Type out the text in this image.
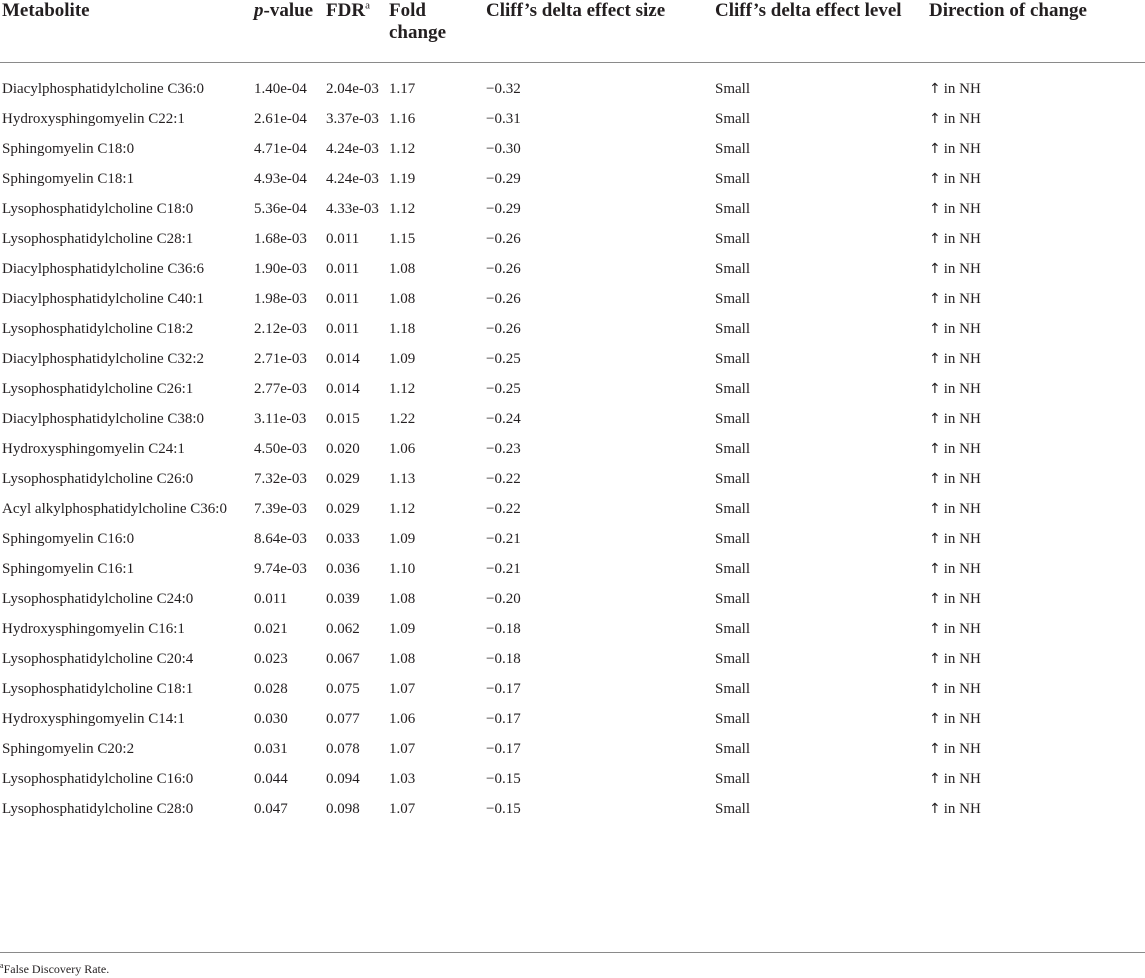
Metabolite	p-value	FDR$^a$	Fold change	Cliff’s delta effect size	Cliff’s delta effect level	Direction of change
Diacylphosphatidylcholine C36:0	1.40e-04	2.04e-03	1.17	−0.32	Small	↑ in NH
Hydroxysphingomyelin C22:1	2.61e-04	3.37e-03	1.16	−0.31	Small	↑ in NH
Sphingomyelin C18:0	4.71e-04	4.24e-03	1.12	−0.30	Small	↑ in NH
Sphingomyelin C18:1	4.93e-04	4.24e-03	1.19	−0.29	Small	↑ in NH
Lysophosphatidylcholine C18:0	5.36e-04	4.33e-03	1.12	−0.29	Small	↑ in NH
Lysophosphatidylcholine C28:1	1.68e-03	0.011	1.15	−0.26	Small	↑ in NH
Diacylphosphatidylcholine C36:6	1.90e-03	0.011	1.08	−0.26	Small	↑ in NH
Diacylphosphatidylcholine C40:1	1.98e-03	0.011	1.08	−0.26	Small	↑ in NH
Lysophosphatidylcholine C18:2	2.12e-03	0.011	1.18	−0.26	Small	↑ in NH
Diacylphosphatidylcholine C32:2	2.71e-03	0.014	1.09	−0.25	Small	↑ in NH
Lysophosphatidylcholine C26:1	2.77e-03	0.014	1.12	−0.25	Small	↑ in NH
Diacylphosphatidylcholine C38:0	3.11e-03	0.015	1.22	−0.24	Small	↑ in NH
Hydroxysphingomyelin C24:1	4.50e-03	0.020	1.06	−0.23	Small	↑ in NH
Lysophosphatidylcholine C26:0	7.32e-03	0.029	1.13	−0.22	Small	↑ in NH
Acyl alkylphosphatidylcholine C36:0	7.39e-03	0.029	1.12	−0.22	Small	↑ in NH
Sphingomyelin C16:0	8.64e-03	0.033	1.09	−0.21	Small	↑ in NH
Sphingomyelin C16:1	9.74e-03	0.036	1.10	−0.21	Small	↑ in NH
Lysophosphatidylcholine C24:0	0.011	0.039	1.08	−0.20	Small	↑ in NH
Hydroxysphingomyelin C16:1	0.021	0.062	1.09	−0.18	Small	↑ in NH
Lysophosphatidylcholine C20:4	0.023	0.067	1.08	−0.18	Small	↑ in NH
Lysophosphatidylcholine C18:1	0.028	0.075	1.07	−0.17	Small	↑ in NH
Hydroxysphingomyelin C14:1	0.030	0.077	1.06	−0.17	Small	↑ in NH
Sphingomyelin C20:2	0.031	0.078	1.07	−0.17	Small	↑ in NH
Lysophosphatidylcholine C16:0	0.044	0.094	1.03	−0.15	Small	↑ in NH
Lysophosphatidylcholine C28:0	0.047	0.098	1.07	−0.15	Small	↑ in NH
$^a$False Discovery Rate.
